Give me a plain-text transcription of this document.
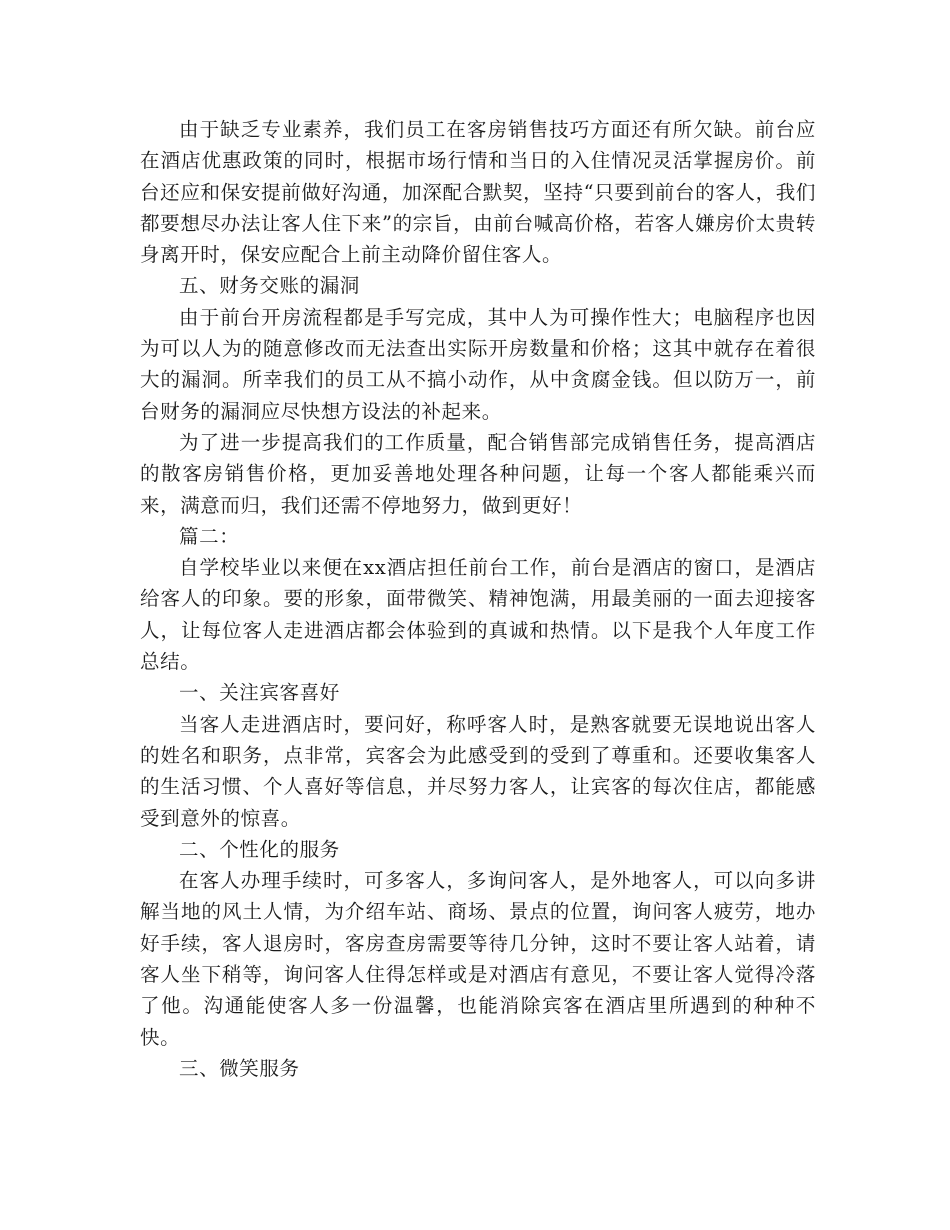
由于缺乏专业素养，我们员工在客房销售技巧方面还有所欠缺。前台应在酒店优惠政策的同时，根据市场行情和当日的入住情况灵活掌握房价。前台还应和保安提前做好沟通，加深配合默契，坚持“只要到前台的客人，我们都要想尽办法让客人住下来”的宗旨，由前台喊高价格，若客人嫌房价太贵转身离开时，保安应配合上前主动降价留住客人。

五、财务交账的漏洞

由于前台开房流程都是手写完成，其中人为可操作性大；电脑程序也因为可以人为的随意修改而无法查出实际开房数量和价格；这其中就存在着很大的漏洞。所幸我们的员工从不搞小动作，从中贪腐金钱。但以防万一，前台财务的漏洞应尽快想方设法的补起来。

为了进一步提高我们的工作质量，配合销售部完成销售任务，提高酒店的散客房销售价格，更加妥善地处理各种问题，让每一个客人都能乘兴而来，满意而归，我们还需不停地努力，做到更好！

篇二：

自学校毕业以来便在xx酒店担任前台工作，前台是酒店的窗口，是酒店给客人的印象。要的形象，面带微笑、精神饱满，用最美丽的一面去迎接客人，让每位客人走进酒店都会体验到的真诚和热情。以下是我个人年度工作总结。

一、关注宾客喜好

当客人走进酒店时，要问好，称呼客人时，是熟客就要无误地说出客人的姓名和职务，点非常，宾客会为此感受到的受到了尊重和。还要收集客人的生活习惯、个人喜好等信息，并尽努力客人，让宾客的每次住店，都能感受到意外的惊喜。

二、个性化的服务

在客人办理手续时，可多客人，多询问客人，是外地客人，可以向多讲解当地的风土人情，为介绍车站、商场、景点的位置，询问客人疲劳，地办好手续，客人退房时，客房查房需要等待几分钟，这时不要让客人站着，请客人坐下稍等，询问客人住得怎样或是对酒店有意见，不要让客人觉得冷落了他。沟通能使客人多一份温馨，也能消除宾客在酒店里所遇到的种种不快。

三、微笑服务
